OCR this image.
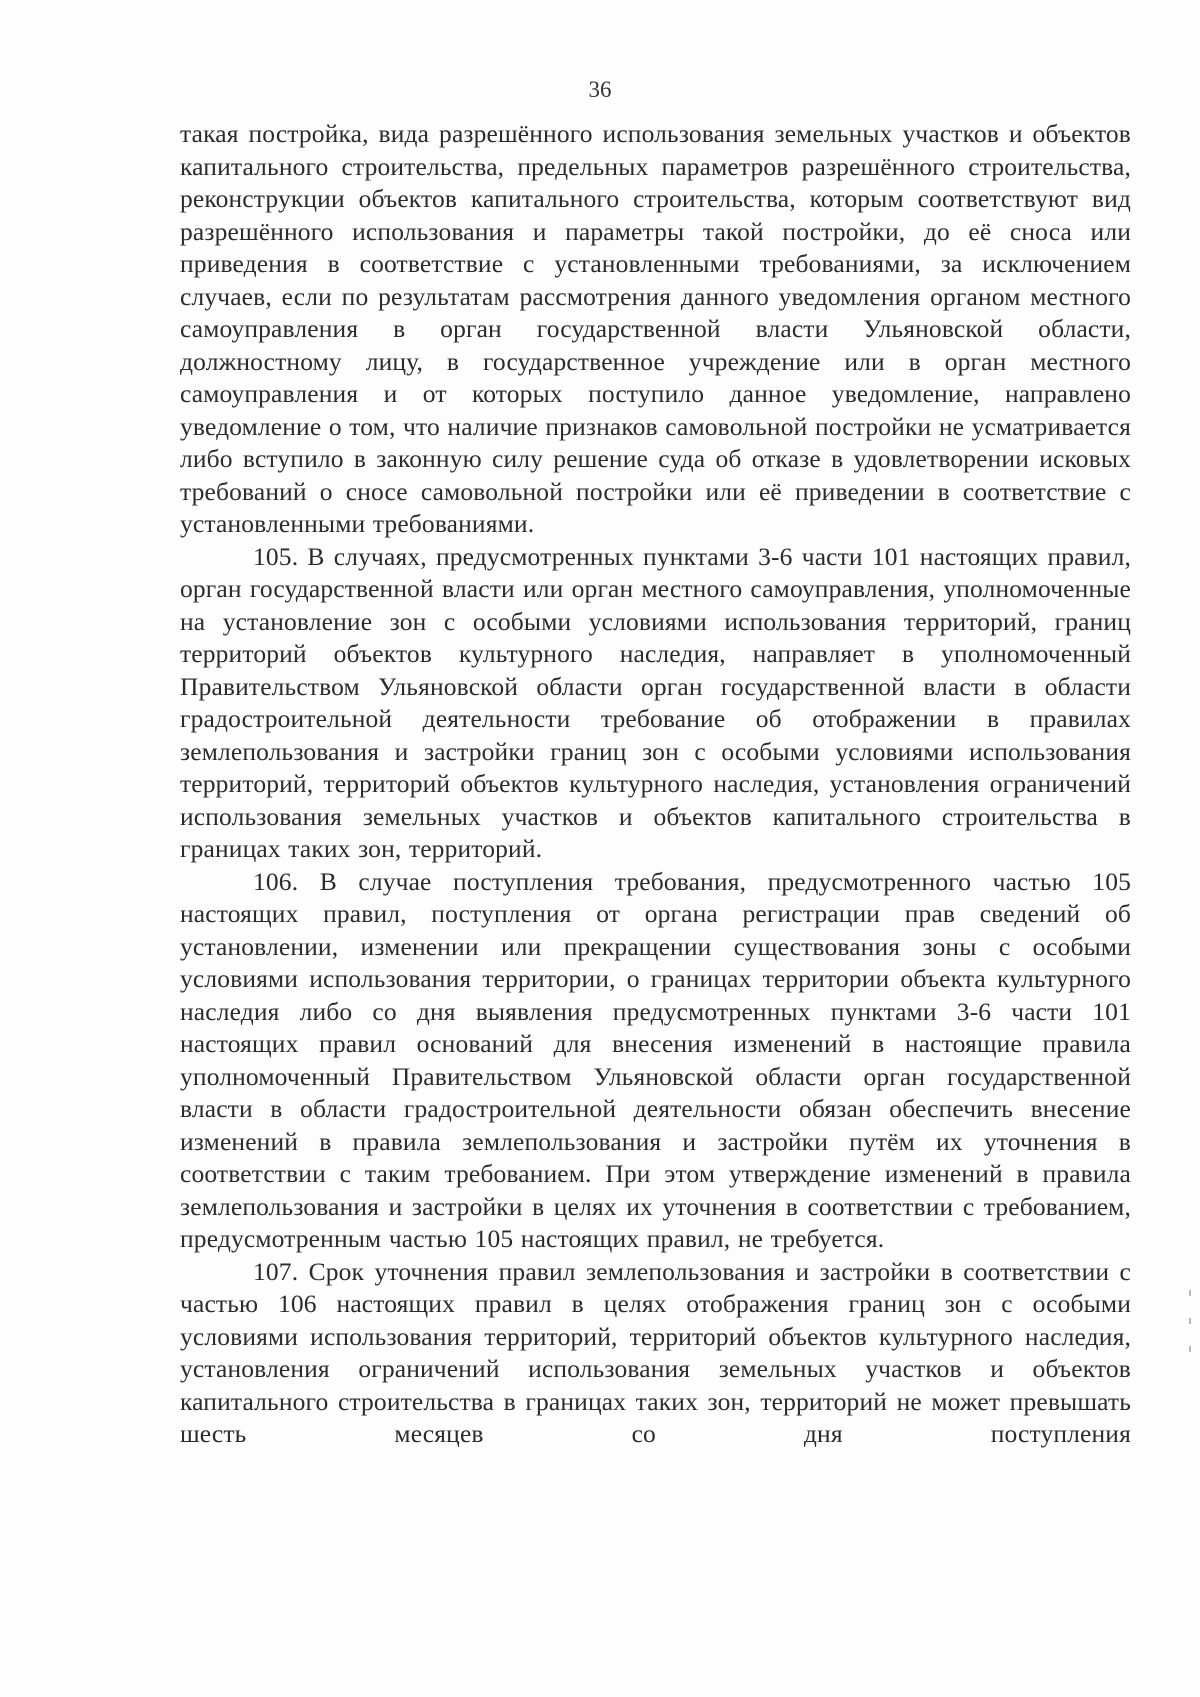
36

такая постройка, вида разрешённого использования земельных участков и объектов капитального строительства, предельных параметров разрешённого строительства, реконструкции объектов капитального строительства, которым соответствуют вид разрешённого использования и параметры такой постройки, до её сноса или приведения в соответствие с установленными требованиями, за исключением случаев, если по результатам рассмотрения данного уведомления органом местного самоуправления в орган государственной власти Ульяновской области, должностному лицу, в государственное учреждение или в орган местного самоуправления и от которых поступило данное уведомление, направлено уведомление о том, что наличие признаков самовольной постройки не усматривается либо вступило в законную силу решение суда об отказе в удовлетворении исковых требований о сносе самовольной постройки или её приведении в соответствие с установленными требованиями.

105. В случаях, предусмотренных пунктами 3-6 части 101 настоящих правил, орган государственной власти или орган местного самоуправления, уполномоченные на установление зон с особыми условиями использования территорий, границ территорий объектов культурного наследия, направляет в уполномоченный Правительством Ульяновской области орган государственной власти в области градостроительной деятельности требование об отображении в правилах землепользования и застройки границ зон с особыми условиями использования территорий, территорий объектов культурного наследия, установления ограничений использования земельных участков и объектов капитального строительства в границах таких зон, территорий.

106. В случае поступления требования, предусмотренного частью 105 настоящих правил, поступления от органа регистрации прав сведений об установлении, изменении или прекращении существования зоны с особыми условиями использования территории, о границах территории объекта культурного наследия либо со дня выявления предусмотренных пунктами 3-6 части 101 настоящих правил оснований для внесения изменений в настоящие правила уполномоченный Правительством Ульяновской области орган государственной власти в области градостроительной деятельности обязан обеспечить внесение изменений в правила землепользования и застройки путём их уточнения в соответствии с таким требованием. При этом утверждение изменений в правила землепользования и застройки в целях их уточнения в соответствии с требованием, предусмотренным частью 105 настоящих правил, не требуется.

107. Срок уточнения правил землепользования и застройки в соответствии с частью 106 настоящих правил в целях отображения границ зон с особыми условиями использования территорий, территорий объектов культурного наследия, установления ограничений использования земельных участков и объектов капитального строительства в границах таких зон, территорий не может превышать шесть месяцев со дня поступления
